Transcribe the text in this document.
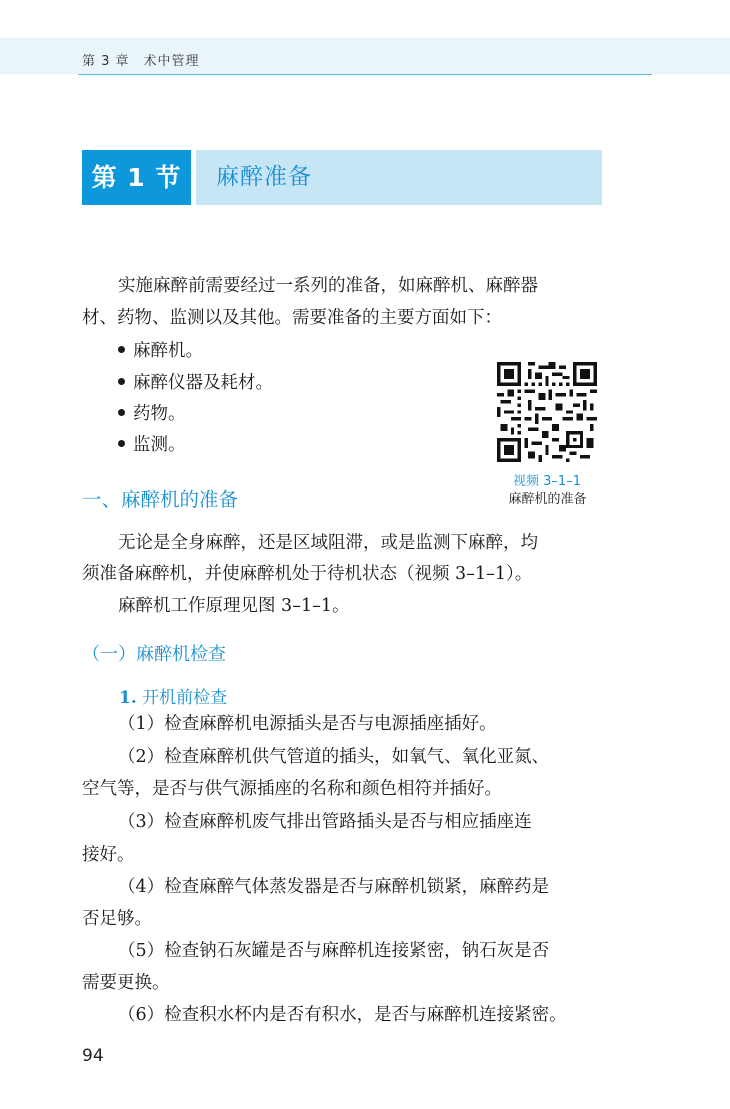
第 3 章　术中管理
第 1 节	麻醉准备
实施麻醉前需要经过一系列的准备，如麻醉机、麻醉器
材、药物、监测以及其他。需要准备的主要方面如下：
麻醉机。
麻醉仪器及耗材。
药物。
监测。
视频 3–1–1
麻醉机的准备
一、麻醉机的准备
无论是全身麻醉，还是区域阻滞，或是监测下麻醉，均
须准备麻醉机，并使麻醉机处于待机状态（视频 3–1–1）。
麻醉机工作原理见图 3–1–1。
（一）麻醉机检查
1. 开机前检查
（1）检查麻醉机电源插头是否与电源插座插好。
（2）检查麻醉机供气管道的插头，如氧气、氧化亚氮、
空气等，是否与供气源插座的名称和颜色相符并插好。
（3）检查麻醉机废气排出管路插头是否与相应插座连
接好。
（4）检查麻醉气体蒸发器是否与麻醉机锁紧，麻醉药是
否足够。
（5）检查钠石灰罐是否与麻醉机连接紧密，钠石灰是否
需要更换。
（6）检查积水杯内是否有积水，是否与麻醉机连接紧密。
94
